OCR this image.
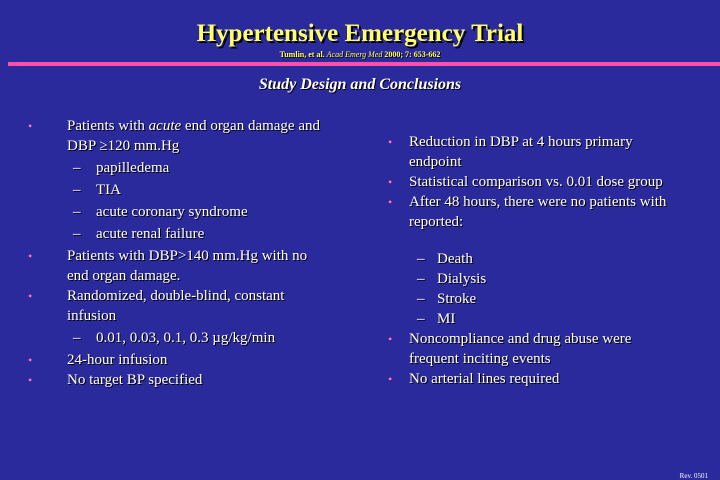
Hypertensive Emergency Trial
Tumlin, et al. Acad Emerg Med 2000; 7: 653-662
Study Design and Conclusions
• Patients with acute end organ damage and DBP ≥120 mm.Hg
– papilledema
– TIA
– acute coronary syndrome
– acute renal failure
• Patients with DBP>140 mm.Hg with no end organ damage.
• Randomized, double-blind, constant infusion
– 0.01, 0.03, 0.1, 0.3 µg/kg/min
• 24-hour infusion
• No target BP specified
• Reduction in DBP at 4 hours primary endpoint
• Statistical comparison vs. 0.01 dose group
• After 48 hours, there were no patients with reported:
– Death
– Dialysis
– Stroke
– MI
• Noncompliance and drug abuse were frequent inciting events
• No arterial lines required
Rev. 0501
